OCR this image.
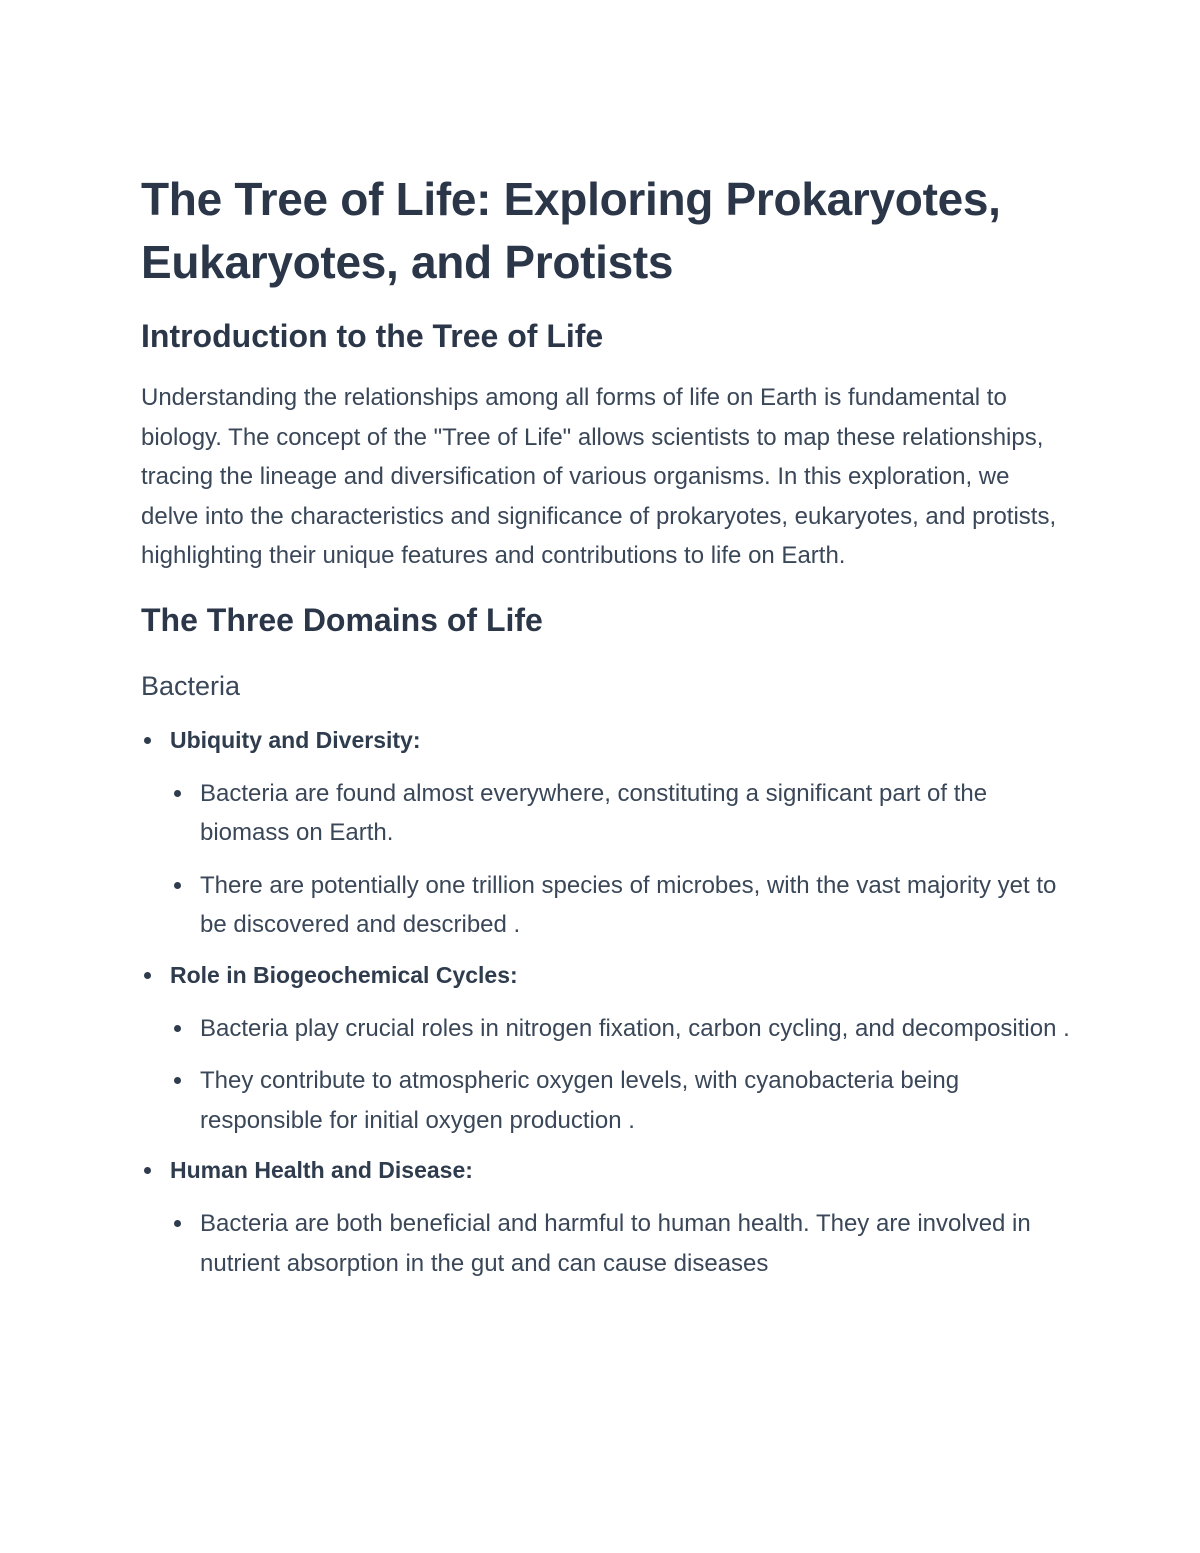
The Tree of Life: Exploring Prokaryotes, Eukaryotes, and Protists
Introduction to the Tree of Life

Understanding the relationships among all forms of life on Earth is fundamental to biology. The concept of the "Tree of Life" allows scientists to map these relationships, tracing the lineage and diversification of various organisms. In this exploration, we delve into the characteristics and significance of prokaryotes, eukaryotes, and protists, highlighting their unique features and contributions to life on Earth.

The Three Domains of Life
Bacteria
Ubiquity and Diversity:
Bacteria are found almost everywhere, constituting a significant part of the biomass on Earth.
There are potentially one trillion species of microbes, with the vast majority yet to be discovered and described .
Role in Biogeochemical Cycles:
Bacteria play crucial roles in nitrogen fixation, carbon cycling, and decomposition .
They contribute to atmospheric oxygen levels, with cyanobacteria being responsible for initial oxygen production .
Human Health and Disease:
Bacteria are both beneficial and harmful to human health. They are involved in nutrient absorption in the gut and can cause diseases
